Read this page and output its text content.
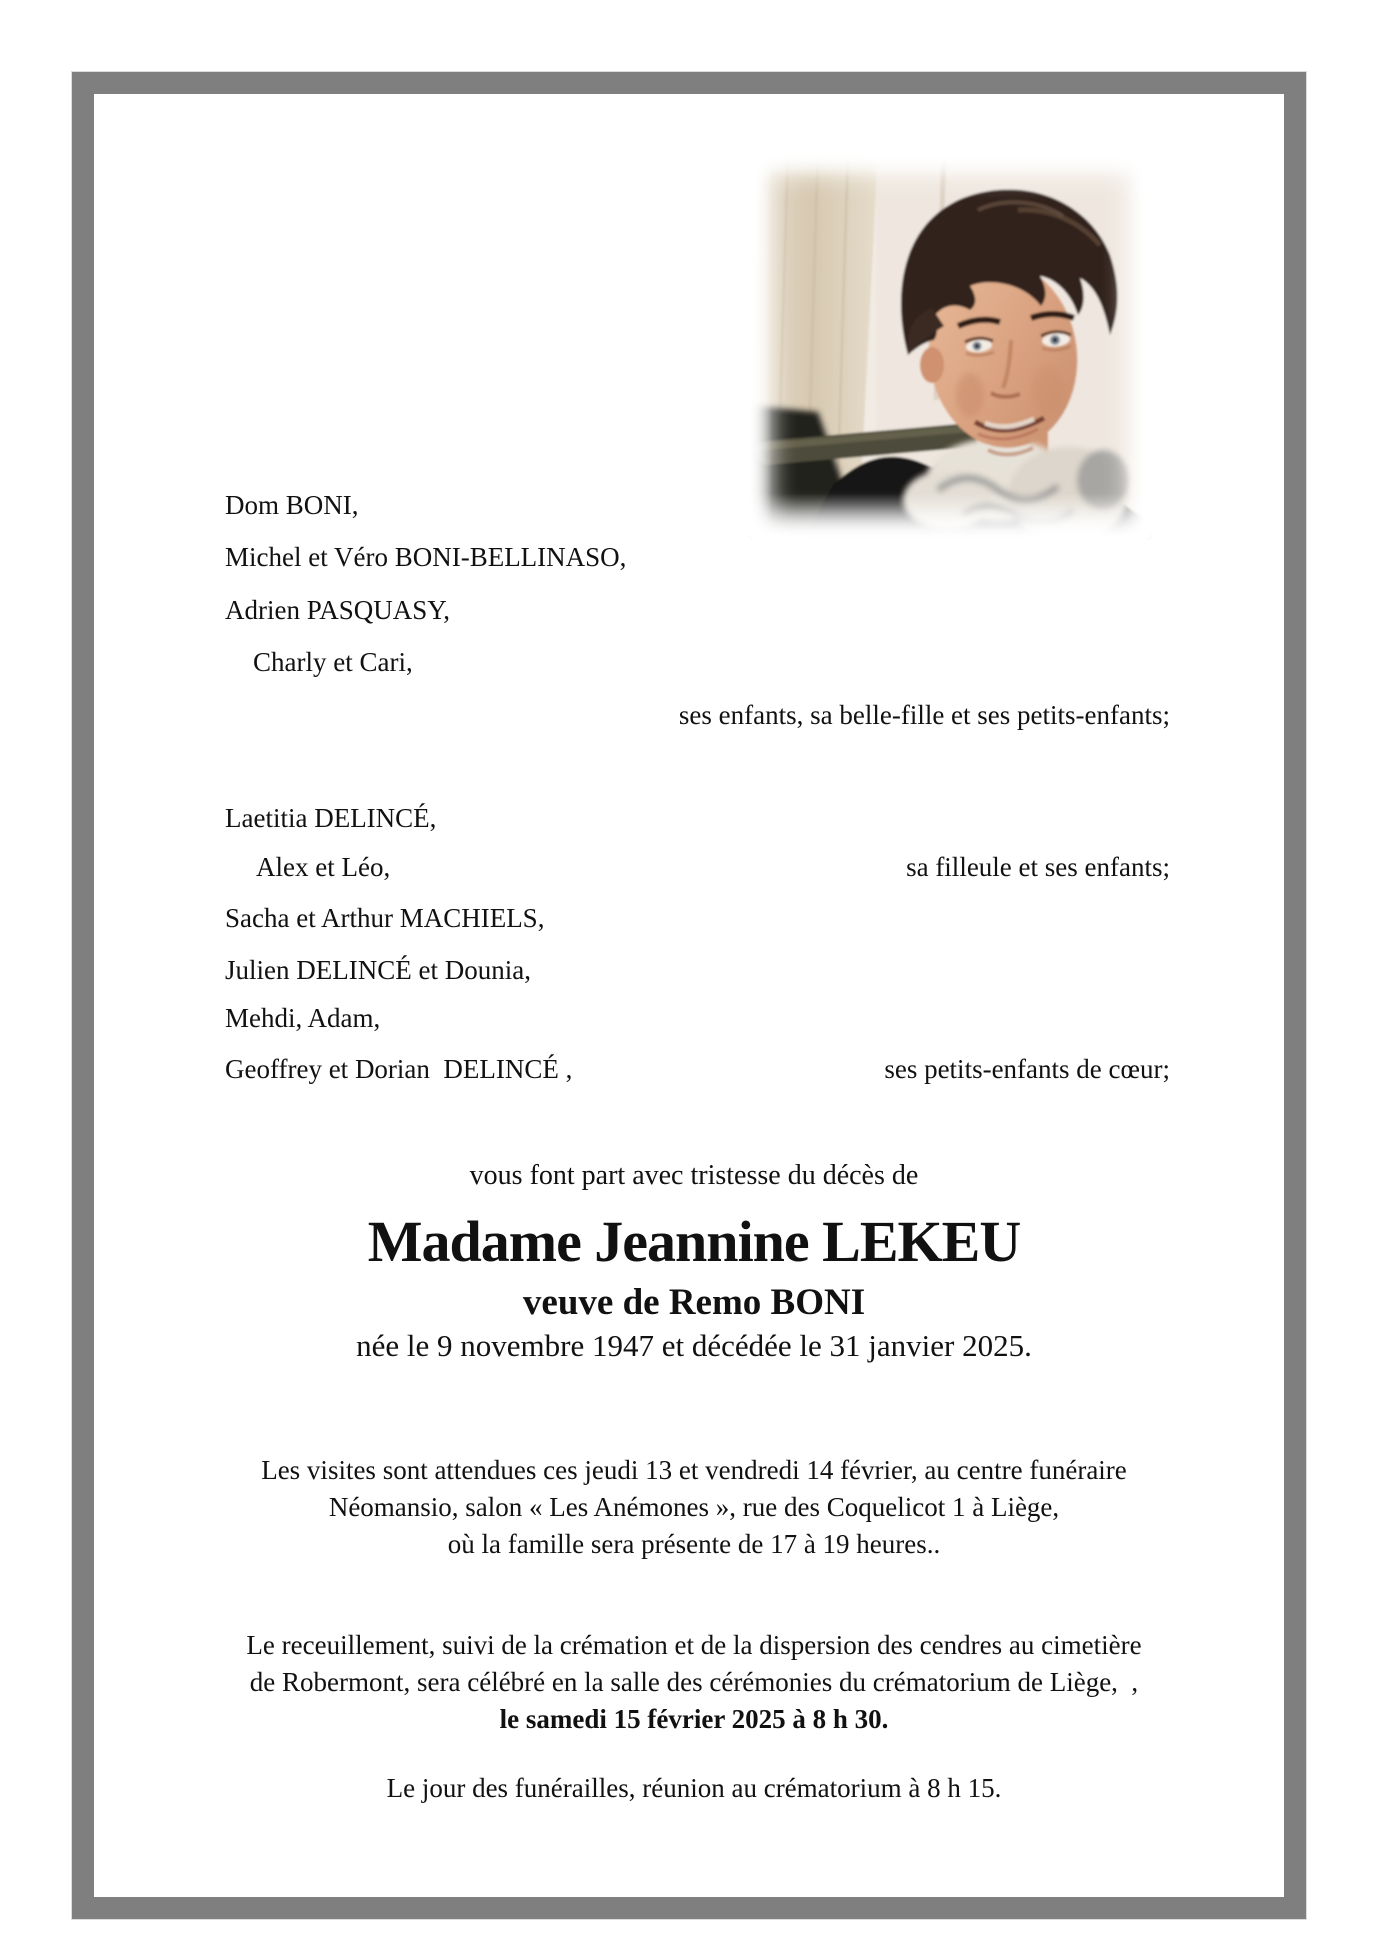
Dom BONI,
Michel et Véro BONI-BELLINASO,
Adrien PASQUASY,
Charly et Cari,
ses enfants, sa belle-fille et ses petits-enfants;
Laetitia DELINCÉ,
Alex et Léo,	sa filleule et ses enfants;
Sacha et Arthur MACHIELS,
Julien DELINCÉ et Dounia,
Mehdi, Adam,
Geoffrey et Dorian  DELINCÉ ,	ses petits-enfants de cœur;
vous font part avec tristesse du décès de
Madame Jeannine LEKEU
veuve de Remo BONI
née le 9 novembre 1947 et décédée le 31 janvier 2025.
Les visites sont attendues ces jeudi 13 et vendredi 14 février, au centre funéraire
Néomansio, salon « Les Anémones », rue des Coquelicot 1 à Liège,
où la famille sera présente de 17 à 19 heures..
Le receuillement, suivi de la crémation et de la dispersion des cendres au cimetière
de Robermont, sera célébré en la salle des cérémonies du crématorium de Liège,  ,
le samedi 15 février 2025 à 8 h 30.
Le jour des funérailles, réunion au crématorium à 8 h 15.
